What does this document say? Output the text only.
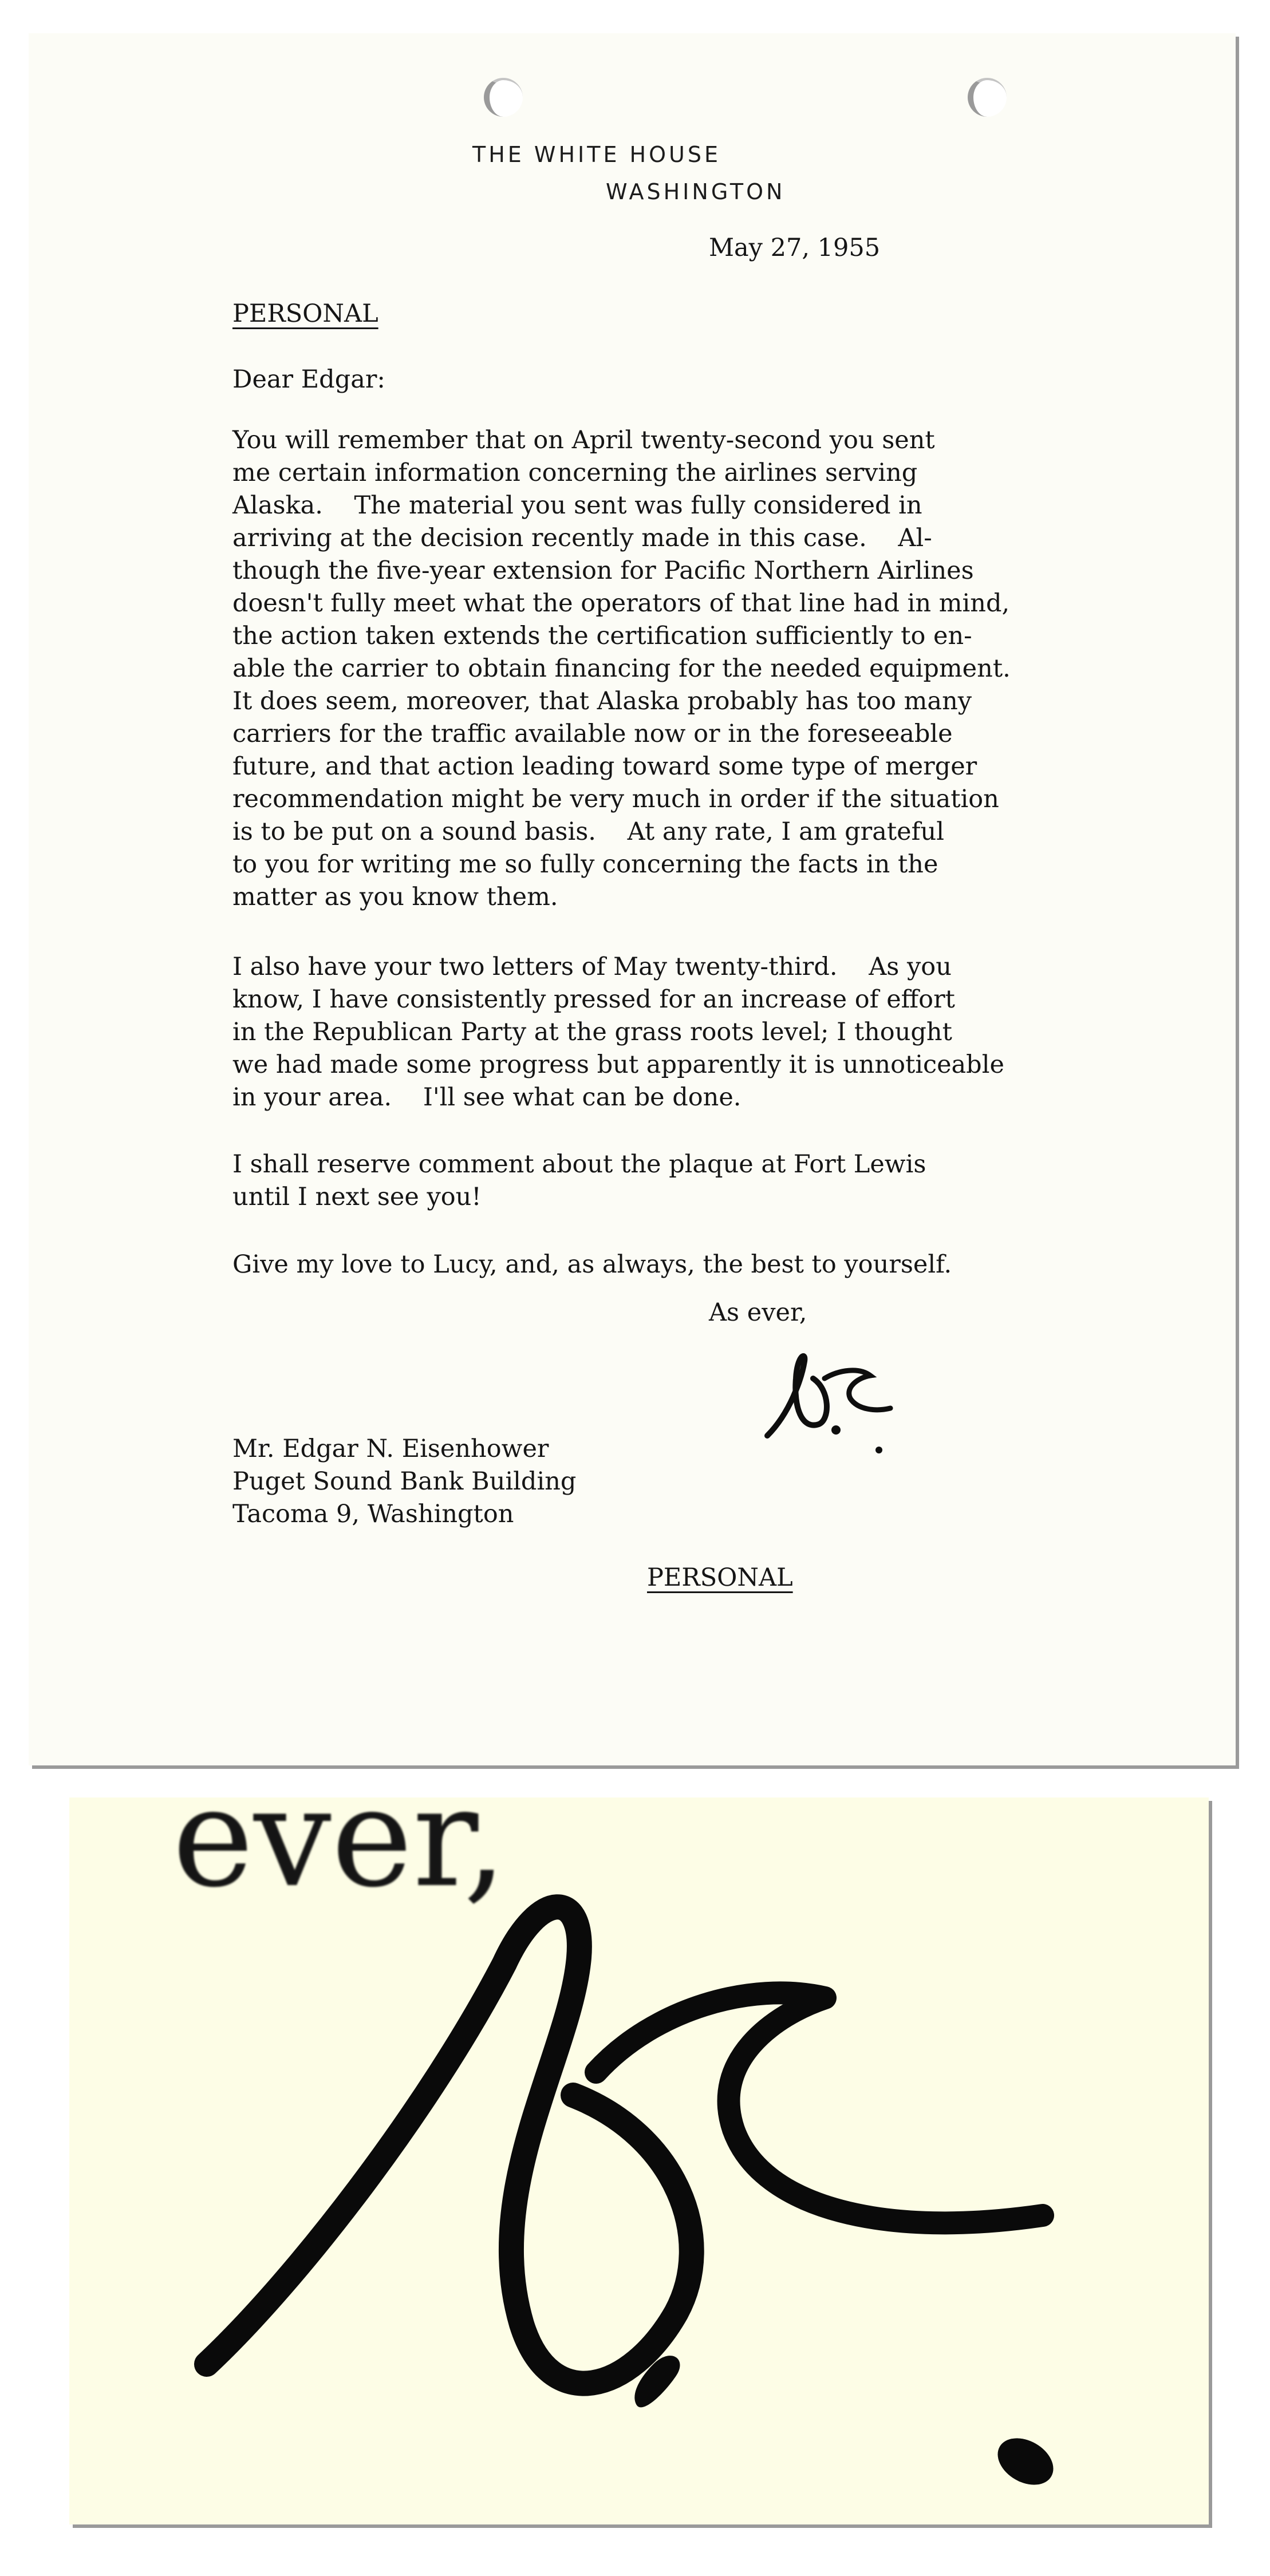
THE WHITE HOUSE
WASHINGTON
May 27, 1955
PERSONAL
Dear Edgar:
You will remember that on April twenty-second you sent
me certain information concerning the airlines serving
Alaska.    The material you sent was fully considered in
arriving at the decision recently made in this case.    Al-
though the five-year extension for Pacific Northern Airlines
doesn't fully meet what the operators of that line had in mind,
the action taken extends the certification sufficiently to en-
able the carrier to obtain financing for the needed equipment.
It does seem, moreover, that Alaska probably has too many
carriers for the traffic available now or in the foreseeable
future, and that action leading toward some type of merger
recommendation might be very much in order if the situation
is to be put on a sound basis.    At any rate, I am grateful
to you for writing me so fully concerning the facts in the
matter as you know them.
I also have your two letters of May twenty-third.    As you
know, I have consistently pressed for an increase of effort
in the Republican Party at the grass roots level; I thought
we had made some progress but apparently it is unnoticeable
in your area.    I'll see what can be done.
I shall reserve comment about the plaque at Fort Lewis
until I next see you!
Give my love to Lucy, and, as always, the best to yourself.
As ever,
Mr. Edgar N. Eisenhower
Puget Sound Bank Building
Tacoma 9, Washington
PERSONAL
ever,
